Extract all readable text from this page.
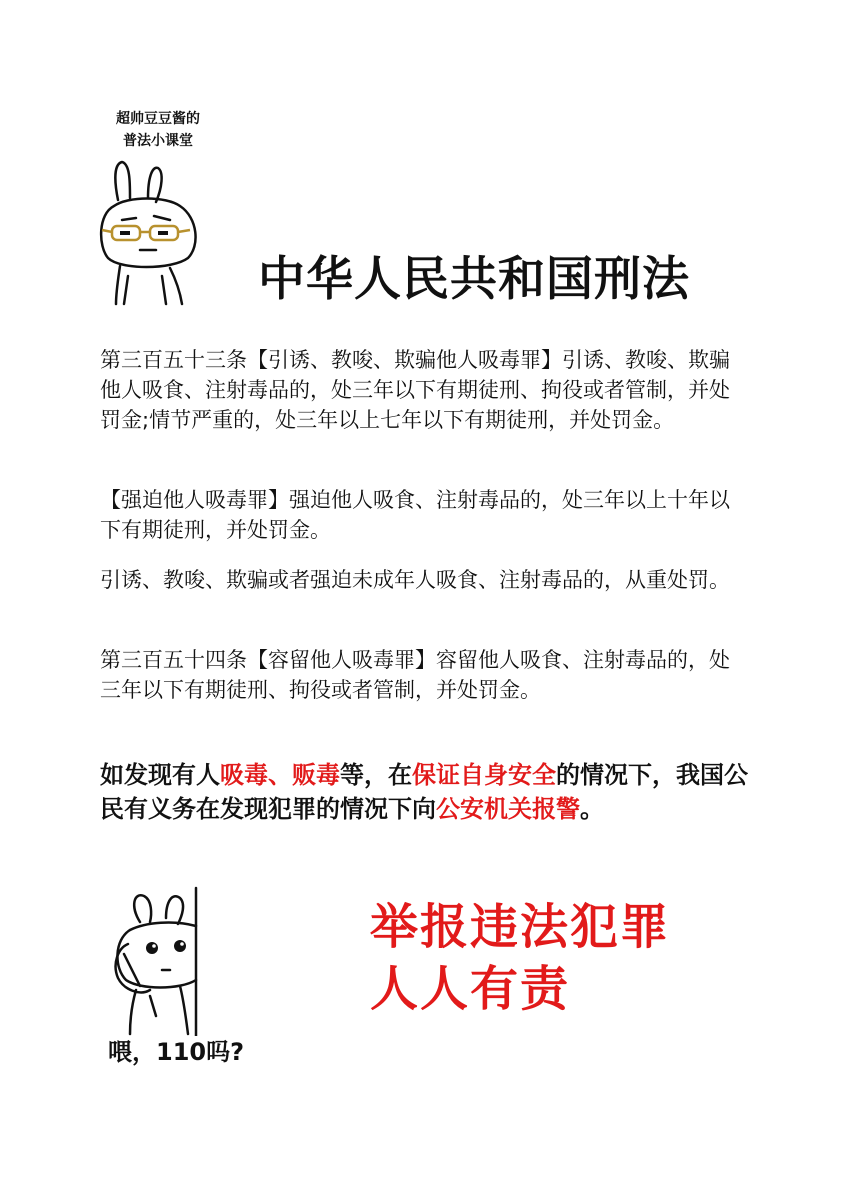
超帅豆豆酱的
普法小课堂
中华人民共和国刑法

第三百五十三条【引诱、教唆、欺骗他人吸毒罪】引诱、教唆、欺骗他人吸食、注射毒品的，处三年以下有期徒刑、拘役或者管制，并处罚金;情节严重的，处三年以上七年以下有期徒刑，并处罚金。

【强迫他人吸毒罪】强迫他人吸食、注射毒品的，处三年以上十年以下有期徒刑，并处罚金。

引诱、教唆、欺骗或者强迫未成年人吸食、注射毒品的，从重处罚。

第三百五十四条【容留他人吸毒罪】容留他人吸食、注射毒品的，处三年以下有期徒刑、拘役或者管制，并处罚金。

如发现有人吸毒、贩毒等，在保证自身安全的情况下，我国公民有义务在发现犯罪的情况下向公安机关报警。

喂，110吗?
举报违法犯罪
人人有责
